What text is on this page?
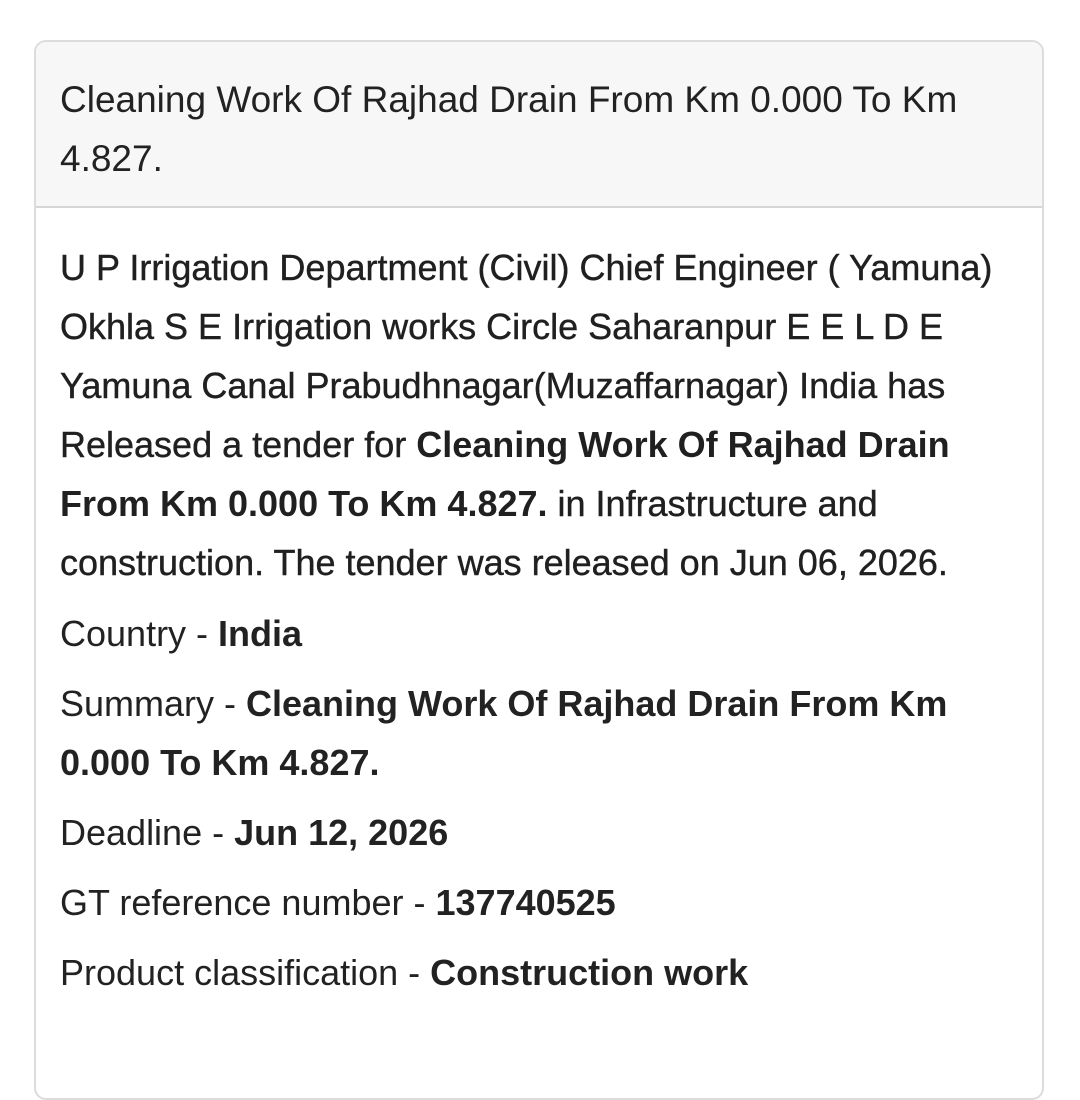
Cleaning Work Of Rajhad Drain From Km 0.000 To Km 4.827.

U P Irrigation Department (Civil) Chief Engineer ( Yamuna) Okhla S E Irrigation works Circle Saharanpur E E L D E Yamuna Canal Prabudhnagar(Muzaffarnagar) India has Released a tender for Cleaning Work Of Rajhad Drain From Km 0.000 To Km 4.827. in Infrastructure and construction. The tender was released on Jun 06, 2026.

Country - India

Summary - Cleaning Work Of Rajhad Drain From Km 0.000 To Km 4.827.

Deadline - Jun 12, 2026

GT reference number - 137740525

Product classification - Construction work
